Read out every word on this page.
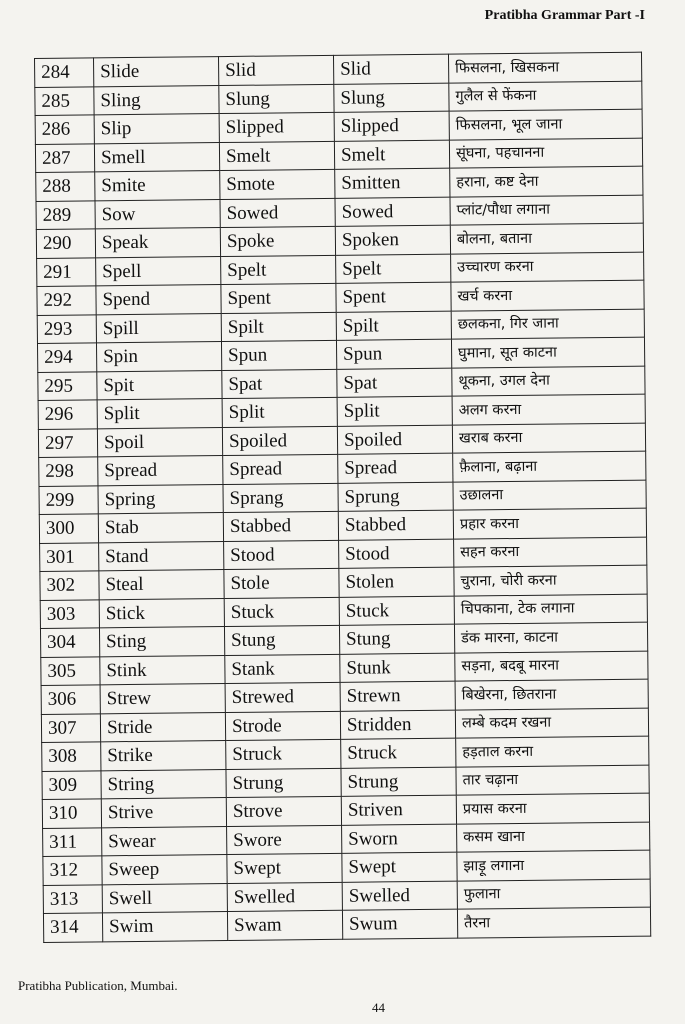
Pratibha Grammar Part -I
284	Slide	Slid	Slid	फिसलना, खिसकना
285	Sling	Slung	Slung	गुलैल से फेंकना
286	Slip	Slipped	Slipped	फिसलना, भूल जाना
287	Smell	Smelt	Smelt	सूंघना, पहचानना
288	Smite	Smote	Smitten	हराना, कष्ट देना
289	Sow	Sowed	Sowed	प्लांट/पौधा लगाना
290	Speak	Spoke	Spoken	बोलना, बताना
291	Spell	Spelt	Spelt	उच्चारण करना
292	Spend	Spent	Spent	खर्च करना
293	Spill	Spilt	Spilt	छलकना, गिर जाना
294	Spin	Spun	Spun	घुमाना, सूत काटना
295	Spit	Spat	Spat	थूकना, उगल देना
296	Split	Split	Split	अलग करना
297	Spoil	Spoiled	Spoiled	खराब करना
298	Spread	Spread	Spread	फ़ैलाना, बढ़ाना
299	Spring	Sprang	Sprung	उछालना
300	Stab	Stabbed	Stabbed	प्रहार करना
301	Stand	Stood	Stood	सहन करना
302	Steal	Stole	Stolen	चुराना, चोरी करना
303	Stick	Stuck	Stuck	चिपकाना, टेक लगाना
304	Sting	Stung	Stung	डंक मारना, काटना
305	Stink	Stank	Stunk	सड़ना, बदबू मारना
306	Strew	Strewed	Strewn	बिखेरना, छितराना
307	Stride	Strode	Stridden	लम्बे कदम रखना
308	Strike	Struck	Struck	हड़ताल करना
309	String	Strung	Strung	तार चढ़ाना
310	Strive	Strove	Striven	प्रयास करना
311	Swear	Swore	Sworn	कसम खाना
312	Sweep	Swept	Swept	झाड़ू लगाना
313	Swell	Swelled	Swelled	फुलाना
314	Swim	Swam	Swum	तैरना
Pratibha Publication, Mumbai.
44
